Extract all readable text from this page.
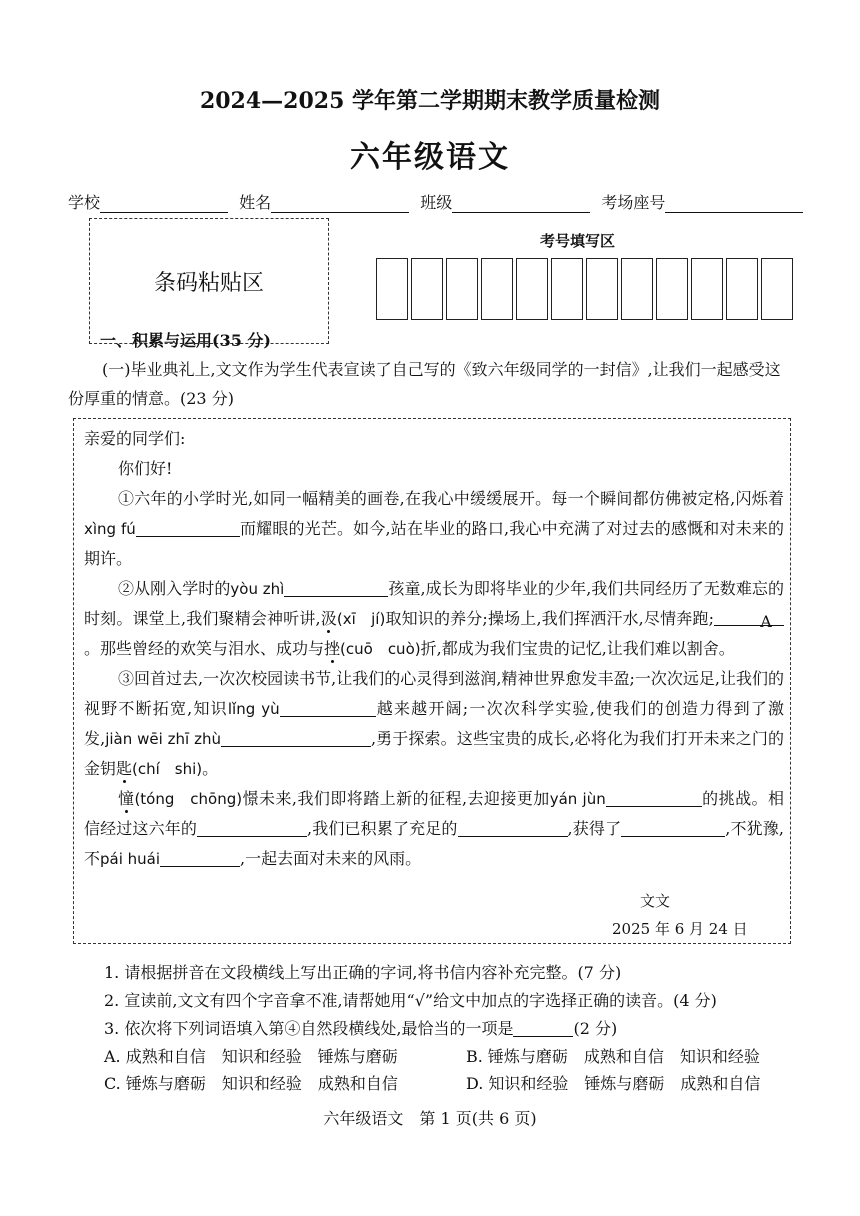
2024—2025 学年第二学期期末教学质量检测
六年级语文
学校	姓名	班级	考场座号
条码粘贴区
考号填写区
一、积累与运用(35 分)
(一)毕业典礼上,文文作为学生代表宣读了自己写的《致六年级同学的一封信》,让我们一起感受这份厚重的情意。(23 分)

亲爱的同学们:

你们好!

①六年的小学时光,如同一幅精美的画卷,在我心中缓缓展开。每一个瞬间都仿佛被定格,闪烁着xìng fú	而耀眼的光芒。如今,站在毕业的路口,我心中充满了对过去的感慨和对未来的期许。

②从刚入学时的yòu zhì	孩童,成长为即将毕业的少年,我们共同经历了无数难忘的时刻。课堂上,我们聚精会神听讲,汲(xī　jí)取知识的养分;操场上,我们挥洒汗水,尽情奔跑;	A。那些曾经的欢笑与泪水、成功与挫(cuō　cuò)折,都成为我们宝贵的记忆,让我们难以割舍。

③回首过去,一次次校园读书节,让我们的心灵得到滋润,精神世界愈发丰盈;一次次远足,让我们的视野不断拓宽,知识lǐng yù	越来越开阔;一次次科学实验,使我们的创造力得到了激发,jiàn wēi zhī zhù	,勇于探索。这些宝贵的成长,必将化为我们打开未来之门的金钥匙(chí　shi)。

憧(tóng　chōng)憬未来,我们即将踏上新的征程,去迎接更加yán jùn	的挑战。相信经过这六年的	,我们已积累了充足的	,获得了	,不犹豫,不pái huái	,一起去面对未来的风雨。

文文
2025 年 6 月 24 日
1. 请根据拼音在文段横线上写出正确的字词,将书信内容补充完整。(7 分)
2. 宣读前,文文有四个字音拿不准,请帮她用“√”给文中加点的字选择正确的读音。(4 分)
3. 依次将下列词语填入第④自然段横线处,最恰当的一项是	(2 分)
A. 成熟和自信　知识和经验　锤炼与磨砺	B. 锤炼与磨砺　成熟和自信　知识和经验
C. 锤炼与磨砺　知识和经验　成熟和自信	D. 知识和经验　锤炼与磨砺　成熟和自信
六年级语文　第 1 页(共 6 页)
